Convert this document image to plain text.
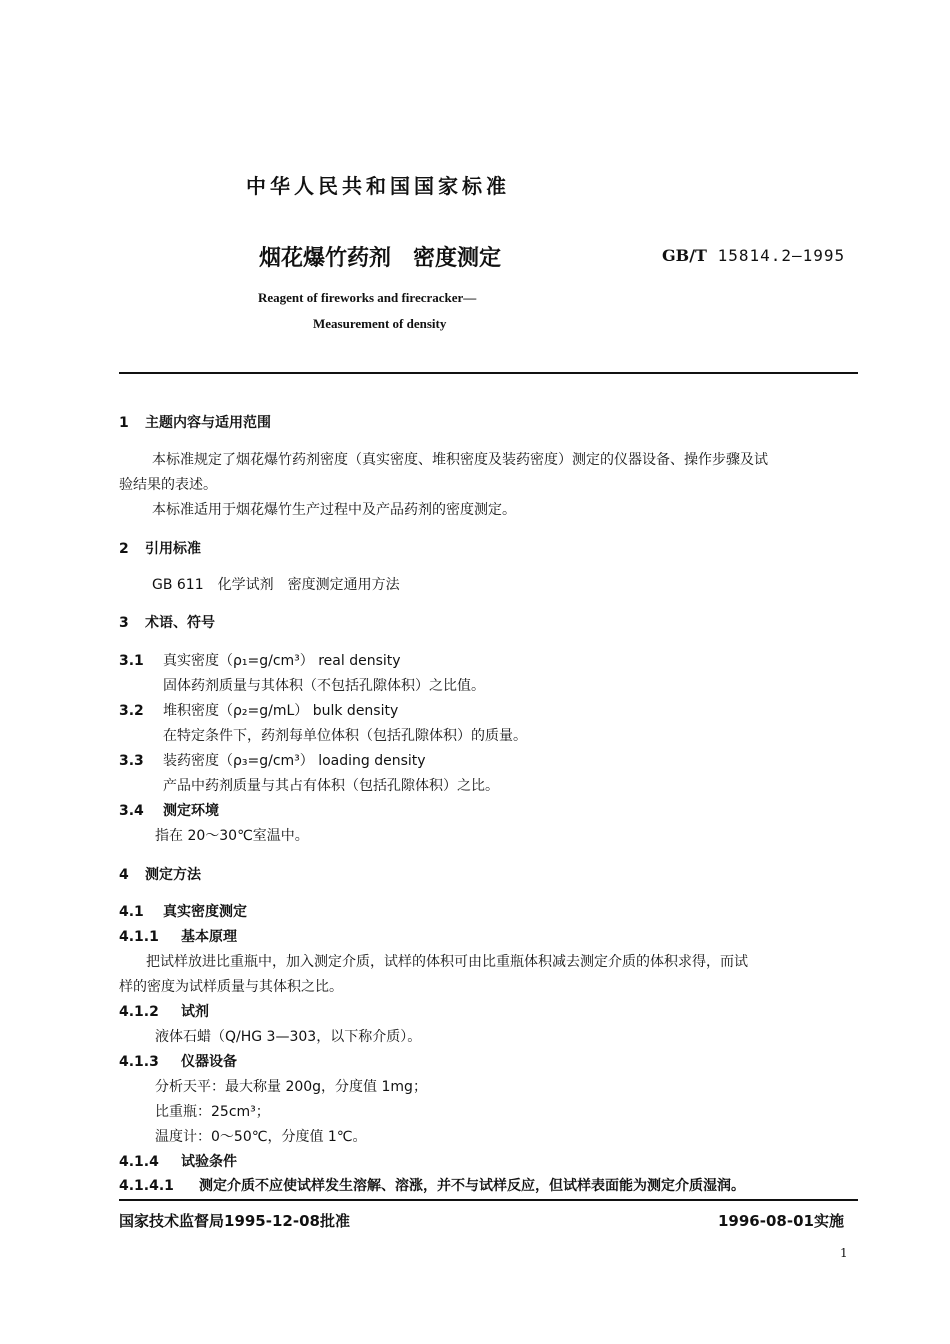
中华人民共和国国家标准
烟花爆竹药剂　密度测定	GB/T 15814.2—1995
Reagent of fireworks and firecracker—
Measurement of density
1 主题内容与适用范围
本标准规定了烟花爆竹药剂密度（真实密度、堆积密度及装药密度）测定的仪器设备、操作步骤及试
验结果的表述。
本标准适用于烟花爆竹生产过程中及产品药剂的密度测定。
2 引用标准
GB 611　化学试剂　密度测定通用方法
3 术语、符号
3.1 真实密度（ρ₁=g/cm³） real density
固体药剂质量与其体积（不包括孔隙体积）之比值。
3.2 堆积密度（ρ₂=g/mL） bulk density
在特定条件下，药剂每单位体积（包括孔隙体积）的质量。
3.3 装药密度（ρ₃=g/cm³） loading density
产品中药剂质量与其占有体积（包括孔隙体积）之比。
3.4 测定环境
指在 20～30℃室温中。
4 测定方法
4.1 真实密度测定
4.1.1 基本原理
把试样放进比重瓶中，加入测定介质，试样的体积可由比重瓶体积减去测定介质的体积求得，而试
样的密度为试样质量与其体积之比。
4.1.2 试剂
液体石蜡（Q/HG 3—303，以下称介质）。
4.1.3 仪器设备
分析天平：最大称量 200g，分度值 1mg；
比重瓶：25cm³；
温度计：0～50℃，分度值 1℃。
4.1.4 试验条件
4.1.4.1 测定介质不应使试样发生溶解、溶涨，并不与试样反应，但试样表面能为测定介质湿润。
国家技术监督局1995-12-08批准	1996-08-01实施
1
